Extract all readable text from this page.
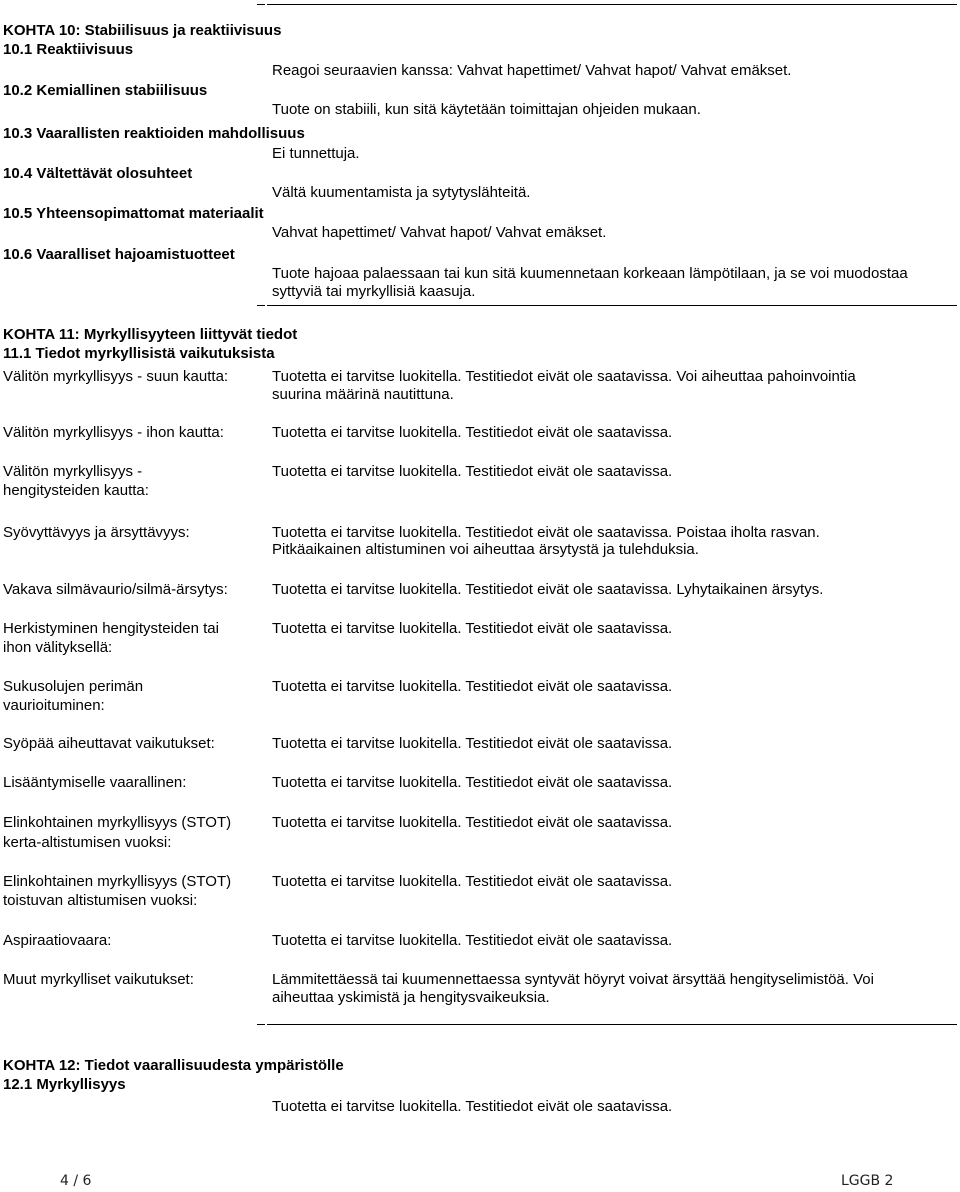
KOHTA 10: Stabiilisuus ja reaktiivisuus
10.1 Reaktiivisuus
Reagoi seuraavien kanssa: Vahvat hapettimet/ Vahvat hapot/ Vahvat emäkset.
10.2 Kemiallinen stabiilisuus
Tuote on stabiili, kun sitä käytetään toimittajan ohjeiden mukaan.
10.3 Vaarallisten reaktioiden mahdollisuus
Ei tunnettuja.
10.4 Vältettävät olosuhteet
Vältä kuumentamista ja sytytyslähteitä.
10.5 Yhteensopimattomat materiaalit
Vahvat hapettimet/ Vahvat hapot/ Vahvat emäkset.
10.6 Vaaralliset hajoamistuotteet
Tuote hajoaa palaessaan tai kun sitä kuumennetaan korkeaan lämpötilaan, ja se voi muodostaa
syttyviä tai myrkyllisiä kaasuja.
KOHTA 11: Myrkyllisyyteen liittyvät tiedot
11.1 Tiedot myrkyllisistä vaikutuksista
Välitön myrkyllisyys - suun kautta:	Tuotetta ei tarvitse luokitella. Testitiedot eivät ole saatavissa. Voi aiheuttaa pahoinvointia
suurina määrinä nautittuna.
Välitön myrkyllisyys - ihon kautta:	Tuotetta ei tarvitse luokitella. Testitiedot eivät ole saatavissa.
Välitön myrkyllisyys -
hengitysteiden kautta:
Tuotetta ei tarvitse luokitella. Testitiedot eivät ole saatavissa.
Syövyttävyys ja ärsyttävyys:	Tuotetta ei tarvitse luokitella. Testitiedot eivät ole saatavissa. Poistaa iholta rasvan.
Pitkäaikainen altistuminen voi aiheuttaa ärsytystä ja tulehduksia.
Vakava silmävaurio/silmä-ärsytys:	Tuotetta ei tarvitse luokitella. Testitiedot eivät ole saatavissa. Lyhytaikainen ärsytys.
Herkistyminen hengitysteiden tai
ihon välityksellä:
Tuotetta ei tarvitse luokitella. Testitiedot eivät ole saatavissa.
Sukusolujen perimän
vaurioituminen:
Tuotetta ei tarvitse luokitella. Testitiedot eivät ole saatavissa.
Syöpää aiheuttavat vaikutukset:	Tuotetta ei tarvitse luokitella. Testitiedot eivät ole saatavissa.
Lisääntymiselle vaarallinen:	Tuotetta ei tarvitse luokitella. Testitiedot eivät ole saatavissa.
Elinkohtainen myrkyllisyys (STOT)
kerta-altistumisen vuoksi:
Tuotetta ei tarvitse luokitella. Testitiedot eivät ole saatavissa.
Elinkohtainen myrkyllisyys (STOT)
toistuvan altistumisen vuoksi:
Tuotetta ei tarvitse luokitella. Testitiedot eivät ole saatavissa.
Aspiraatiovaara:	Tuotetta ei tarvitse luokitella. Testitiedot eivät ole saatavissa.
Muut myrkylliset vaikutukset:	Lämmitettäessä tai kuumennettaessa syntyvät höyryt voivat ärsyttää hengityselimistöä. Voi
aiheuttaa yskimistä ja hengitysvaikeuksia.
KOHTA 12: Tiedot vaarallisuudesta ympäristölle
12.1 Myrkyllisyys
Tuotetta ei tarvitse luokitella. Testitiedot eivät ole saatavissa.
4 / 6	LGGB 2
